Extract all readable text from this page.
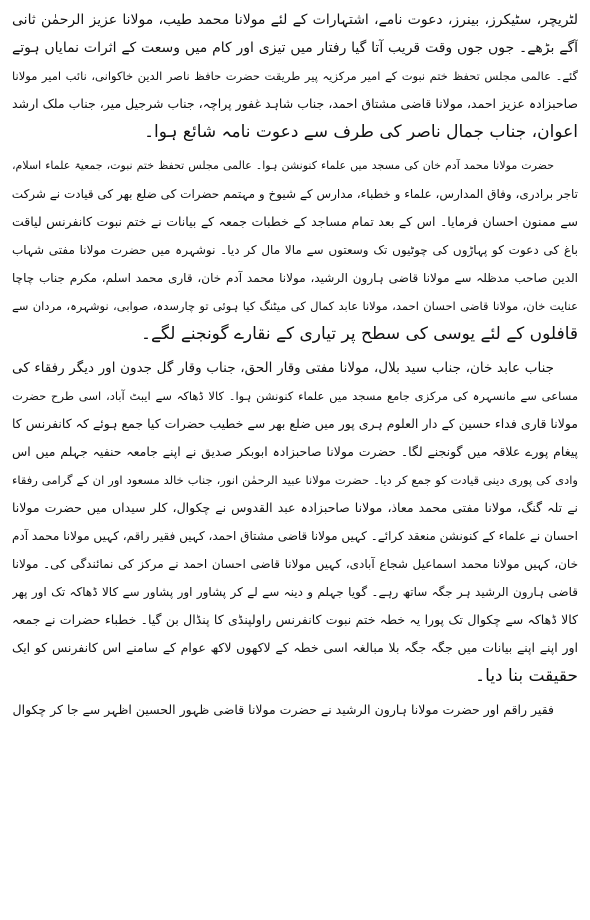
لٹریچر، سٹیکرز، بینرز، دعوت نامے، اشتہارات کے لئے مولانا محمد طیب، مولانا عزیز الرحمٰن ثانی
آگے بڑھے۔ جوں جوں وقت قریب آتا گیا رفتار میں تیزی اور کام میں وسعت کے اثرات نمایاں ہوتے
گئے۔ عالمی مجلس تحفظ ختم نبوت کے امیر مرکزیہ پیر طریقت حضرت حافظ ناصر الدین خاکوانی، نائب امیر مولانا
صاحبزادہ عزیز احمد، مولانا قاضی مشتاق احمد، جناب شاہد غفور پراچہ، جناب شرجیل میر، جناب ملک ارشد
اعوان، جناب جمال ناصر کی طرف سے دعوت نامہ شائع ہوا۔
حضرت مولانا محمد آدم خان کی مسجد میں علماء کنونشن ہوا۔ عالمی مجلس تحفظ ختم نبوت، جمعیۃ علماء اسلام،
تاجر برادری، وفاق المدارس، علماء و خطباء، مدارس کے شیوخ و مہتمم حضرات کی ضلع بھر کی قیادت نے شرکت
سے ممنون احسان فرمایا۔ اس کے بعد تمام مساجد کے خطبات جمعہ کے بیانات نے ختم نبوت کانفرنس لیاقت
باغ کی دعوت کو پہاڑوں کی چوٹیوں تک وسعتوں سے مالا مال کر دیا۔ نوشہرہ میں حضرت مولانا مفتی شہاب
الدین صاحب مدظلہ سے مولانا قاضی ہارون الرشید، مولانا محمد آدم خان، قاری محمد اسلم، مکرم جناب چاچا
عنایت خان، مولانا قاضی احسان احمد، مولانا عابد کمال کی میٹنگ کیا ہوئی تو چارسدہ، صوابی، نوشہرہ، مردان سے
قافلوں کے لئے یوسی کی سطح پر تیاری کے نقارے گونجنے لگے۔
جناب عابد خان، جناب سید بلال، مولانا مفتی وقار الحق، جناب وقار گل جدون اور دیگر رفقاء کی
مساعی سے مانسہرہ کی مرکزی جامع مسجد میں علماء کنونشن ہوا۔ کالا ڈھاکہ سے ایبٹ آباد، اسی طرح حضرت
مولانا قاری فداء حسین کے دار العلوم ہری پور میں ضلع بھر سے خطیب حضرات کیا جمع ہوئے کہ کانفرنس کا
پیغام پورے علاقہ میں گونجنے لگا۔ حضرت مولانا صاحبزادہ ابوبکر صدیق نے اپنے جامعہ حنفیہ جہلم میں اس
وادی کی پوری دینی قیادت کو جمع کر دیا۔ حضرت مولانا عبید الرحمٰن انور، جناب خالد مسعود اور ان کے گرامی رفقاء
نے تلہ گنگ، مولانا مفتی محمد معاذ، مولانا صاحبزادہ عبد القدوس نے چکوال، کلر سیداں میں حضرت مولانا
احسان نے علماء کے کنونشن منعقد کرائے۔ کہیں مولانا قاضی مشتاق احمد، کہیں فقیر راقم، کہیں مولانا محمد آدم
خان، کہیں مولانا محمد اسماعیل شجاع آبادی، کہیں مولانا قاضی احسان احمد نے مرکز کی نمائندگی کی۔ مولانا
قاضی ہارون الرشید ہر جگہ ساتھ رہے۔ گویا جہلم و دینہ سے لے کر پشاور اور پشاور سے کالا ڈھاکہ تک اور پھر
کالا ڈھاکہ سے چکوال تک پورا یہ خطہ ختم نبوت کانفرنس راولپنڈی کا پنڈال بن گیا۔ خطباء حضرات نے جمعہ
اور اپنے اپنے بیانات میں جگہ جگہ بلا مبالغہ اسی خطہ کے لاکھوں لاکھ عوام کے سامنے اس کانفرنس کو ایک
حقیقت بنا دیا۔
فقیر راقم اور حضرت مولانا ہارون الرشید نے حضرت مولانا قاضی ظہور الحسین اظہر سے جا کر چکوال
